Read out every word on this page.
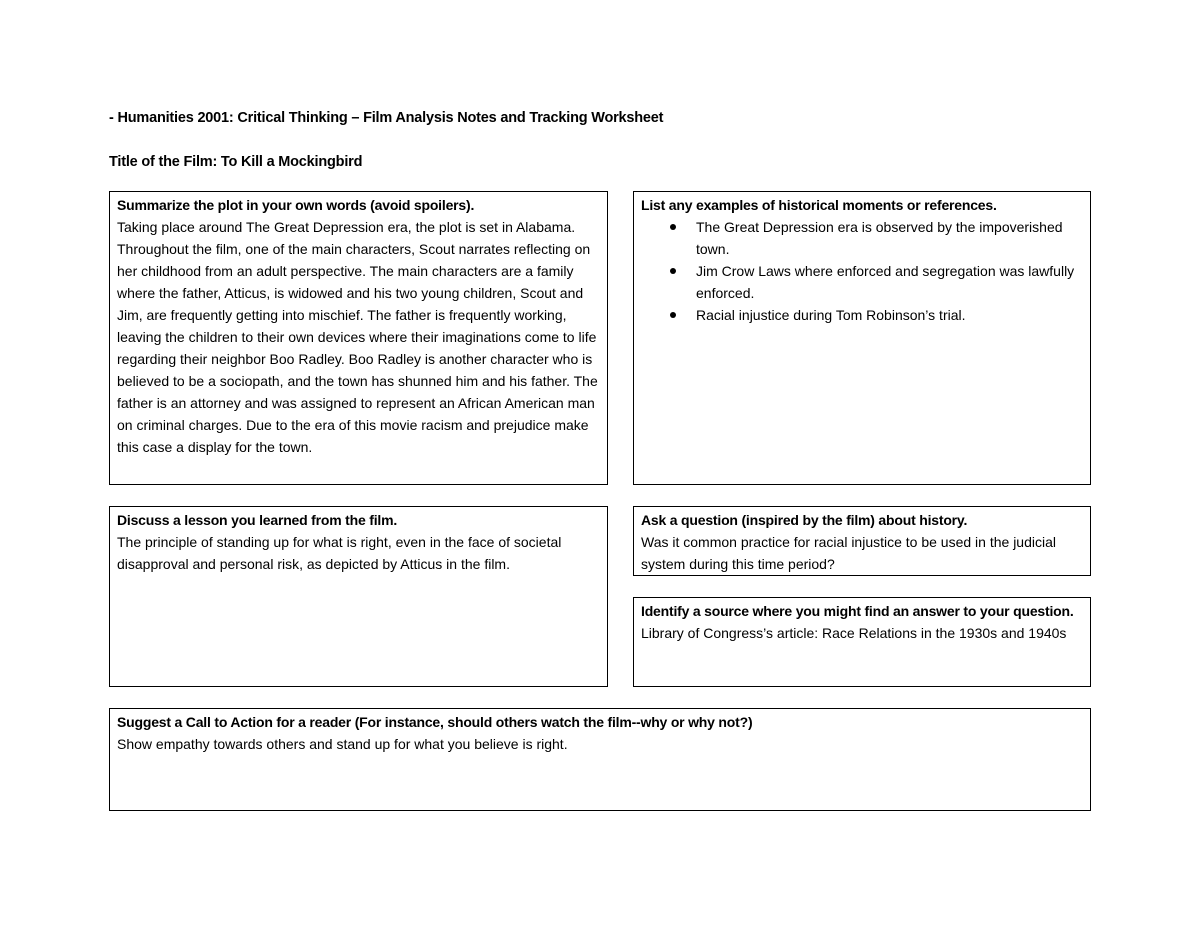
- Humanities 2001: Critical Thinking – Film Analysis Notes and Tracking Worksheet
Title of the Film: To Kill a Mockingbird
Summarize the plot in your own words (avoid spoilers).
Taking place around The Great Depression era, the plot is set in Alabama. Throughout the film, one of the main characters, Scout narrates reflecting on her childhood from an adult perspective. The main characters are a family where the father, Atticus, is widowed and his two young children, Scout and Jim, are frequently getting into mischief. The father is frequently working, leaving the children to their own devices where their imaginations come to life regarding their neighbor Boo Radley. Boo Radley is another character who is believed to be a sociopath, and the town has shunned him and his father. The father is an attorney and was assigned to represent an African American man on criminal charges. Due to the era of this movie racism and prejudice make this case a display for the town.
List any examples of historical moments or references.
The Great Depression era is observed by the impoverished town.
Jim Crow Laws where enforced and segregation was lawfully enforced.
Racial injustice during Tom Robinson’s trial.
Discuss a lesson you learned from the film.
The principle of standing up for what is right, even in the face of societal disapproval and personal risk, as depicted by Atticus in the film.
Ask a question (inspired by the film) about history.
Was it common practice for racial injustice to be used in the judicial system during this time period?
Identify a source where you might find an answer to your question.
Library of Congress’s article: Race Relations in the 1930s and 1940s
Suggest a Call to Action for a reader (For instance, should others watch the film--why or why not?)
Show empathy towards others and stand up for what you believe is right.
